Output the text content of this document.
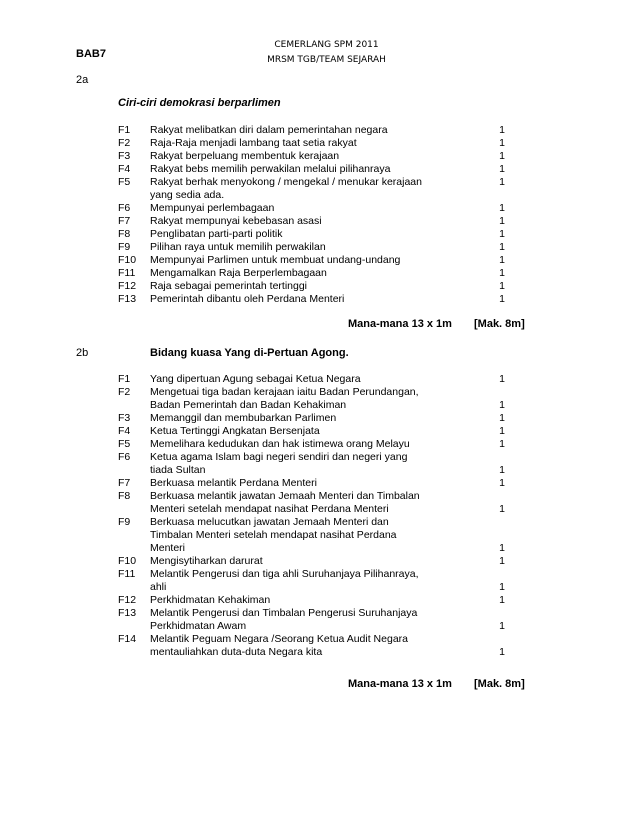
CEMERLANG SPM 2011
MRSM TGB/TEAM SEJARAH
BAB7
2a
Ciri-ciri demokrasi berparlimen
F1	Rakyat melibatkan diri dalam pemerintahan negara	1
F2	Raja-Raja menjadi lambang taat setia rakyat	1
F3	Rakyat berpeluang membentuk kerajaan	1
F4	Rakyat bebs memilih perwakilan melalui pilihanraya	1
F5	Rakyat berhak menyokong / mengekal / menukar kerajaan	1
yang sedia ada.
F6	Mempunyai perlembagaan	1
F7	Rakyat mempunyai kebebasan asasi	1
F8	Penglibatan parti-parti politik	1
F9	Pilihan raya untuk memilih perwakilan	1
F10	Mempunyai Parlimen untuk membuat undang-undang	1
F11	Mengamalkan Raja Berperlembagaan	1
F12	Raja sebagai pemerintah tertinggi	1
F13	Pemerintah dibantu oleh Perdana Menteri	1
Mana-mana 13 x 1m [Mak. 8m]
2b	Bidang kuasa Yang di-Pertuan Agong.
F1	Yang dipertuan Agung sebagai Ketua Negara	1
F2	Mengetuai tiga badan kerajaan iaitu Badan Perundangan,
Badan Pemerintah dan Badan Kehakiman	1
F3	Memanggil dan membubarkan Parlimen	1
F4	Ketua Tertinggi Angkatan Bersenjata	1
F5	Memelihara kedudukan dan hak istimewa orang Melayu	1
F6	Ketua agama Islam bagi negeri sendiri dan negeri yang
tiada Sultan	1
F7	Berkuasa melantik Perdana Menteri	1
F8	Berkuasa melantik jawatan Jemaah Menteri dan Timbalan
Menteri setelah mendapat nasihat Perdana Menteri	1
F9	Berkuasa melucutkan jawatan Jemaah Menteri dan
Timbalan Menteri setelah mendapat nasihat Perdana
Menteri	1
F10	Mengisytiharkan darurat	1
F11	Melantik Pengerusi dan tiga ahli Suruhanjaya Pilihanraya,
ahli	1
F12	Perkhidmatan Kehakiman	1
F13	Melantik Pengerusi dan Timbalan Pengerusi Suruhanjaya
Perkhidmatan Awam	1
F14	Melantik Peguam Negara /Seorang Ketua Audit Negara
mentauliahkan duta-duta Negara kita	1
Mana-mana 13 x 1m [Mak. 8m]
